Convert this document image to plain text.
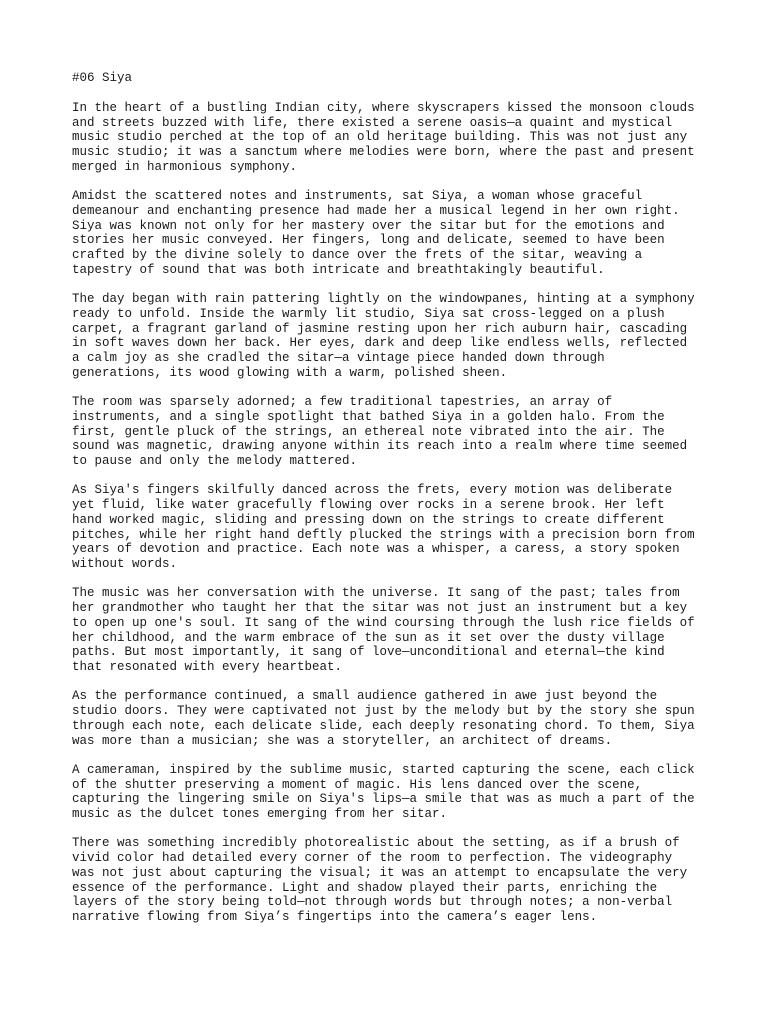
#06 Siya
In the heart of a bustling Indian city, where skyscrapers kissed the monsoon clouds
and streets buzzed with life, there existed a serene oasis—a quaint and mystical
music studio perched at the top of an old heritage building. This was not just any
music studio; it was a sanctum where melodies were born, where the past and present
merged in harmonious symphony.
Amidst the scattered notes and instruments, sat Siya, a woman whose graceful
demeanour and enchanting presence had made her a musical legend in her own right.
Siya was known not only for her mastery over the sitar but for the emotions and
stories her music conveyed. Her fingers, long and delicate, seemed to have been
crafted by the divine solely to dance over the frets of the sitar, weaving a
tapestry of sound that was both intricate and breathtakingly beautiful.
The day began with rain pattering lightly on the windowpanes, hinting at a symphony
ready to unfold. Inside the warmly lit studio, Siya sat cross-legged on a plush
carpet, a fragrant garland of jasmine resting upon her rich auburn hair, cascading
in soft waves down her back. Her eyes, dark and deep like endless wells, reflected
a calm joy as she cradled the sitar—a vintage piece handed down through
generations, its wood glowing with a warm, polished sheen.
The room was sparsely adorned; a few traditional tapestries, an array of
instruments, and a single spotlight that bathed Siya in a golden halo. From the
first, gentle pluck of the strings, an ethereal note vibrated into the air. The
sound was magnetic, drawing anyone within its reach into a realm where time seemed
to pause and only the melody mattered.
As Siya's fingers skilfully danced across the frets, every motion was deliberate
yet fluid, like water gracefully flowing over rocks in a serene brook. Her left
hand worked magic, sliding and pressing down on the strings to create different
pitches, while her right hand deftly plucked the strings with a precision born from
years of devotion and practice. Each note was a whisper, a caress, a story spoken
without words.
The music was her conversation with the universe. It sang of the past; tales from
her grandmother who taught her that the sitar was not just an instrument but a key
to open up one's soul. It sang of the wind coursing through the lush rice fields of
her childhood, and the warm embrace of the sun as it set over the dusty village
paths. But most importantly, it sang of love—unconditional and eternal—the kind
that resonated with every heartbeat.
As the performance continued, a small audience gathered in awe just beyond the
studio doors. They were captivated not just by the melody but by the story she spun
through each note, each delicate slide, each deeply resonating chord. To them, Siya
was more than a musician; she was a storyteller, an architect of dreams.
A cameraman, inspired by the sublime music, started capturing the scene, each click
of the shutter preserving a moment of magic. His lens danced over the scene,
capturing the lingering smile on Siya's lips—a smile that was as much a part of the
music as the dulcet tones emerging from her sitar.
There was something incredibly photorealistic about the setting, as if a brush of
vivid color had detailed every corner of the room to perfection. The videography
was not just about capturing the visual; it was an attempt to encapsulate the very
essence of the performance. Light and shadow played their parts, enriching the
layers of the story being told—not through words but through notes; a non-verbal
narrative flowing from Siya’s fingertips into the camera’s eager lens.
